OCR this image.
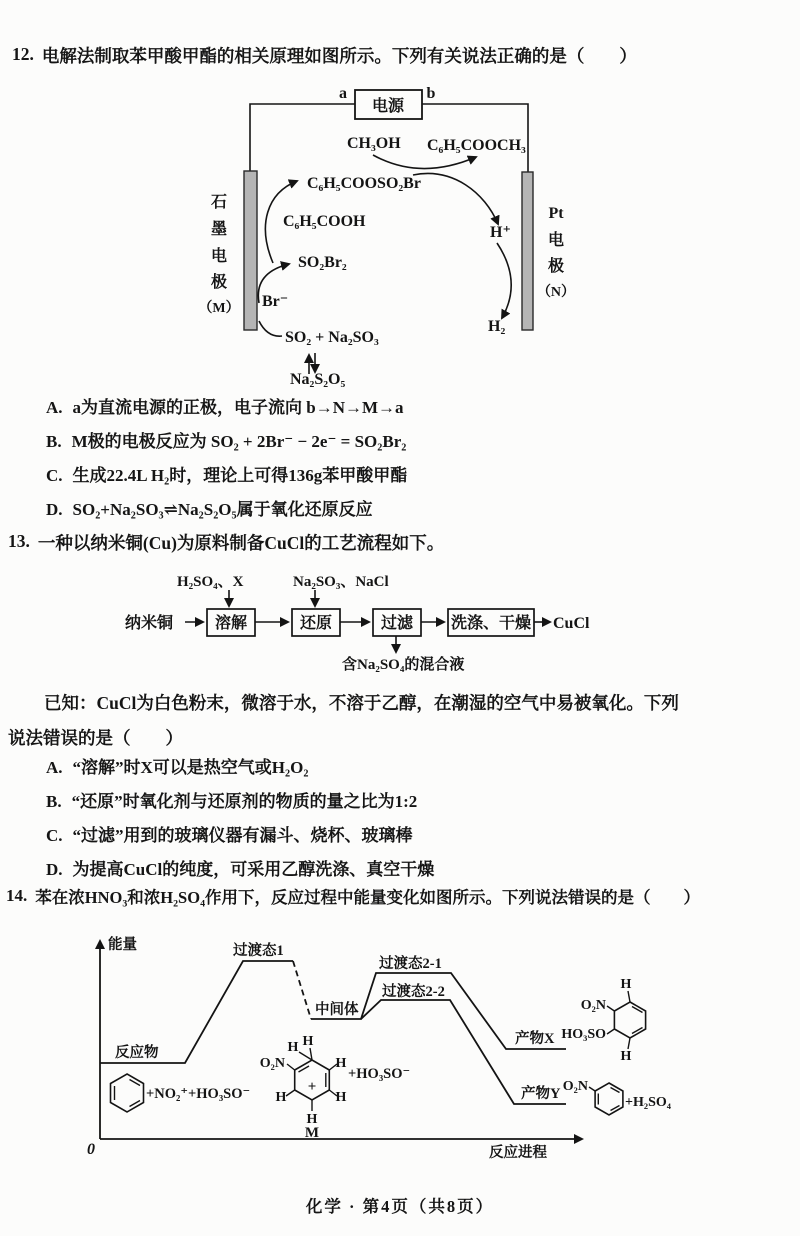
12. 电解法制取苯甲酸甲酯的相关原理如图所示。下列有关说法正确的是（　　）
电源
a	b
石
墨
电
极
（M）
Pt
电
极
（N）
CH₃OH C₆H₅COOCH₃
C₆H₅COOSO₂Br
C₆H₅COOH
SO₂Br₂
Br⁻
SO₂ + Na₂SO₃
Na₂S₂O₅
H⁺
H₂
A. a为直流电源的正极，电子流向 b→N→M→a
B. M极的电极反应为 SO₂ + 2Br⁻ − 2e⁻ = SO₂Br₂
C. 生成22.4L H₂时，理论上可得136g苯甲酸甲酯
D. SO₂+Na₂SO₃⇌Na₂S₂O₅属于氧化还原反应
13. 一种以纳米铜(Cu)为原料制备CuCl的工艺流程如下。
纳米铜	溶解	还原	过滤 洗涤、干燥 CuCl
H₂SO₄、X	Na₂SO₃、NaCl
含Na₂SO₄的混合液
已知：CuCl为白色粉末，微溶于水，不溶于乙醇，在潮湿的空气中易被氧化。下列
说法错误的是（　　）
A. “溶解”时X可以是热空气或H₂O₂
B. “还原”时氧化剂与还原剂的物质的量之比为1:2
C. “过滤”用到的玻璃仪器有漏斗、烧杯、玻璃棒
D. 为提高CuCl的纯度，可采用乙醇洗涤、真空干燥
14. 苯在浓HNO₃和浓H₂SO₄作用下，反应过程中能量变化如图所示。下列说法错误的是（　　）
能量
0	反应进程
反应物
过渡态1
中间体
过渡态2-1
过渡态2-2
产物X
产物Y
+NO₂⁺+HO₃SO⁻
H
H
O₂N	H
H
H
H
+
+HO₃SO⁻
M
H
O₂N
HO₃SO
H
O₂N
+H₂SO₄
化学 · 第4页（共8页）
